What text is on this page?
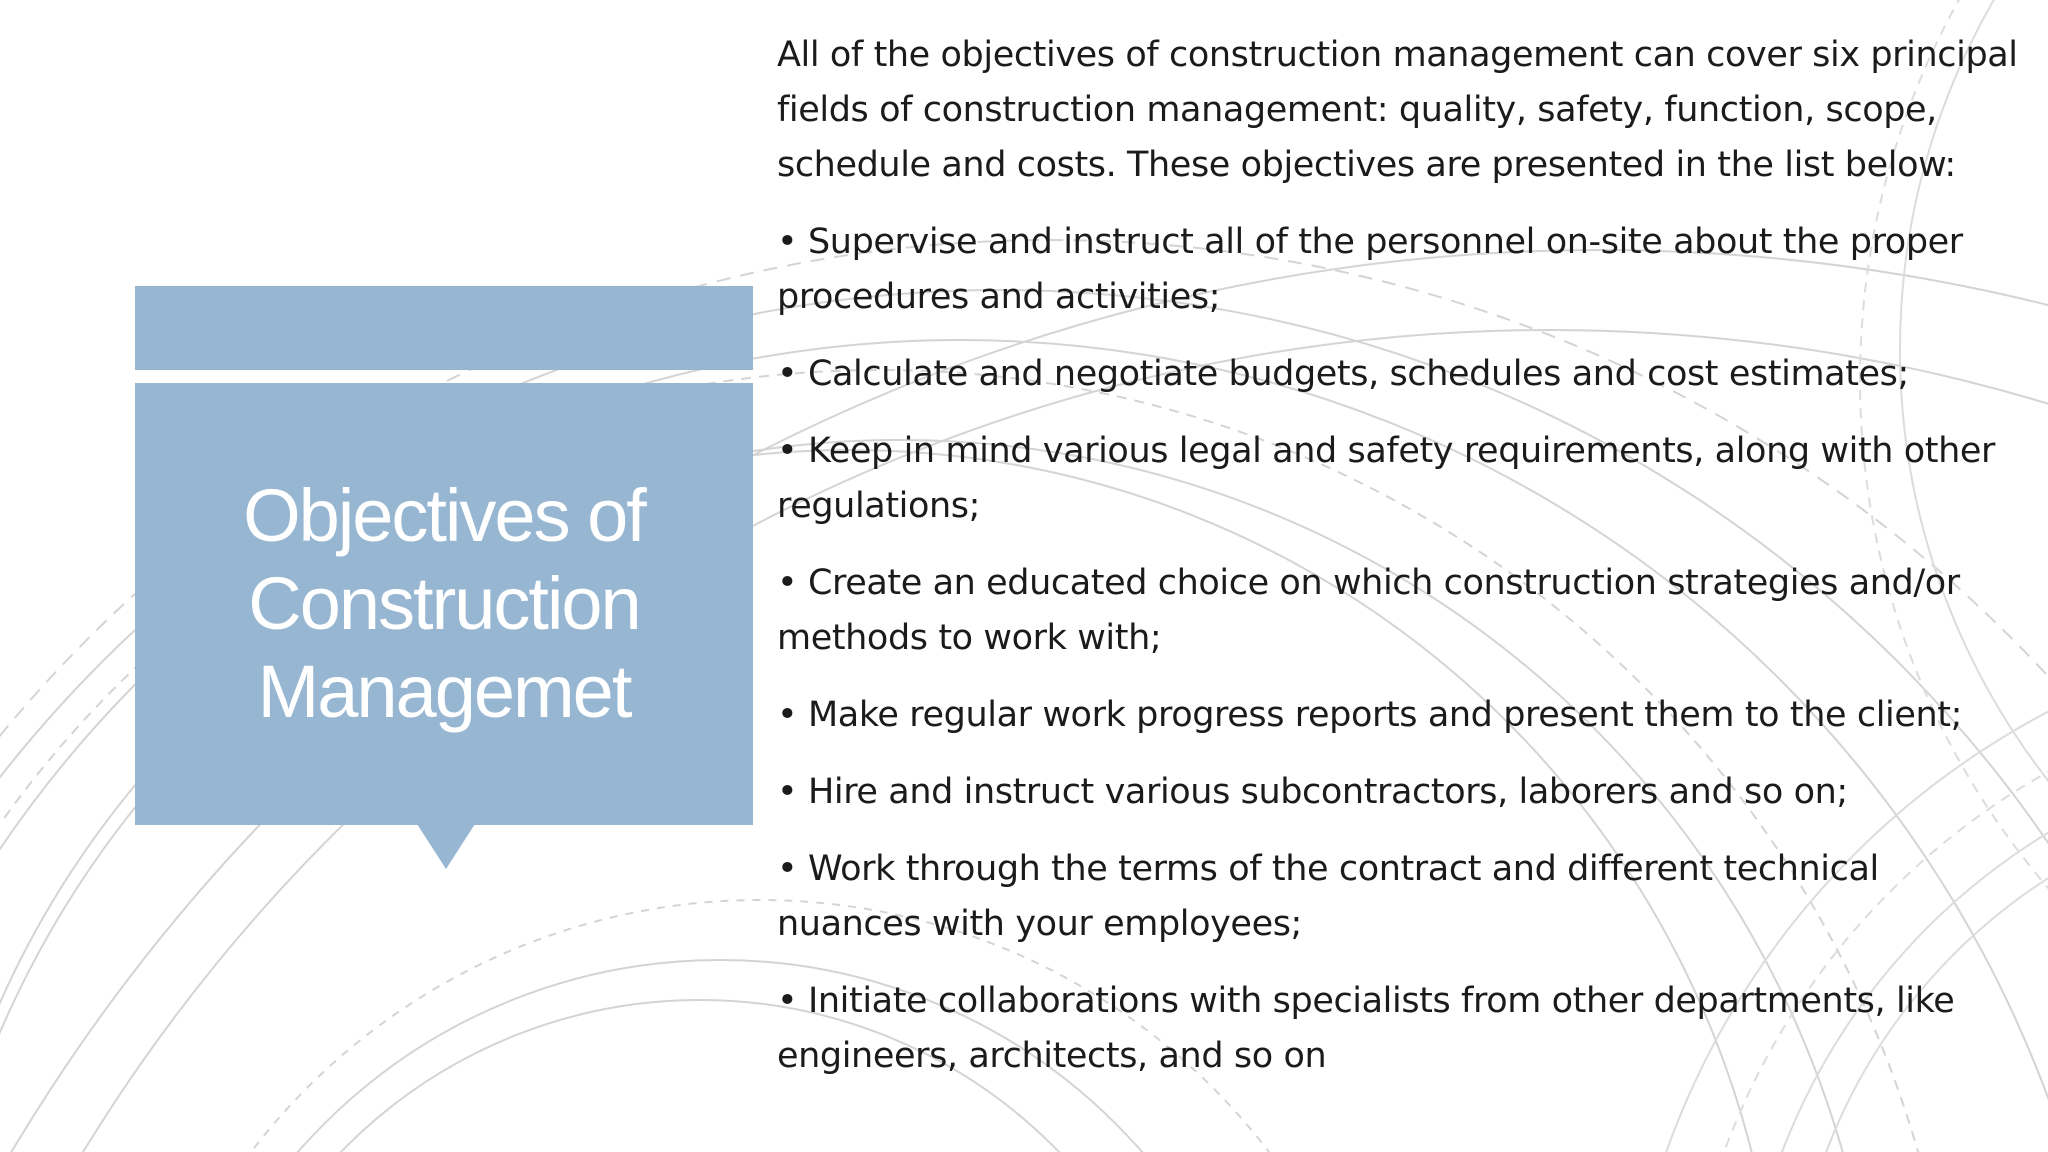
Objectives of
Construction
Managemet

All of the objectives of construction management can cover six principal fields of construction management: quality, safety, function, scope, schedule and costs. These objectives are presented in the list below:

• Supervise and instruct all of the personnel on-site about the proper procedures and activities;

• Calculate and negotiate budgets, schedules and cost estimates;

• Keep in mind various legal and safety requirements, along with other regulations;

• Create an educated choice on which construction strategies and/or methods to work with;

• Make regular work progress reports and present them to the client;

• Hire and instruct various subcontractors, laborers and so on;

• Work through the terms of the contract and different technical nuances with your employees;

• Initiate collaborations with specialists from other departments, like engineers, architects, and so on
